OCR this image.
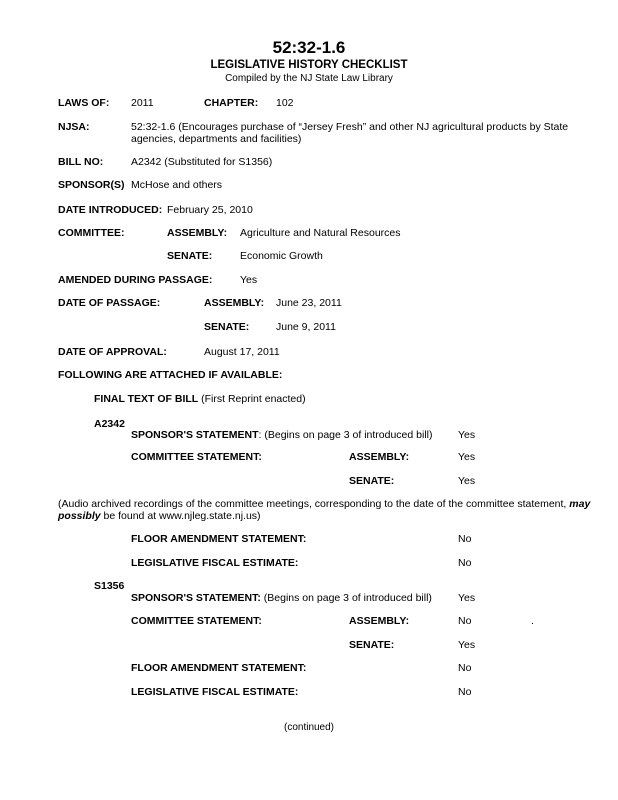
52:32-1.6
LEGISLATIVE HISTORY CHECKLIST
Compiled by the NJ State Law Library
LAWS OF: 2011	CHAPTER: 102
NJSA:	52:32-1.6 (Encourages purchase of “Jersey Fresh” and other NJ agricultural products by State agencies, departments and facilities)
BILL NO:	A2342 (Substituted for S1356)
SPONSOR(S) McHose and others
DATE INTRODUCED: February 25, 2010
COMMITTEE:	ASSEMBLY: Agriculture and Natural Resources
SENATE:	Economic Growth
AMENDED DURING PASSAGE:	Yes
DATE OF PASSAGE:	ASSEMBLY: June 23, 2011
SENATE:	June 9, 2011
DATE OF APPROVAL:	August 17, 2011
FOLLOWING ARE ATTACHED IF AVAILABLE:
FINAL TEXT OF BILL (First Reprint enacted)
A2342
SPONSOR'S STATEMENT: (Begins on page 3 of introduced bill) Yes
COMMITTEE STATEMENT:	ASSEMBLY:	Yes
SENATE:	Yes
(Audio archived recordings of the committee meetings, corresponding to the date of the committee statement, may possibly be found at www.njleg.state.nj.us)
FLOOR AMENDMENT STATEMENT:	No
LEGISLATIVE FISCAL ESTIMATE:	No
S1356
SPONSOR'S STATEMENT: (Begins on page 3 of introduced bill) Yes
COMMITTEE STATEMENT:	ASSEMBLY:	No	.
SENATE:	Yes
FLOOR AMENDMENT STATEMENT:	No
LEGISLATIVE FISCAL ESTIMATE:	No
(continued)
